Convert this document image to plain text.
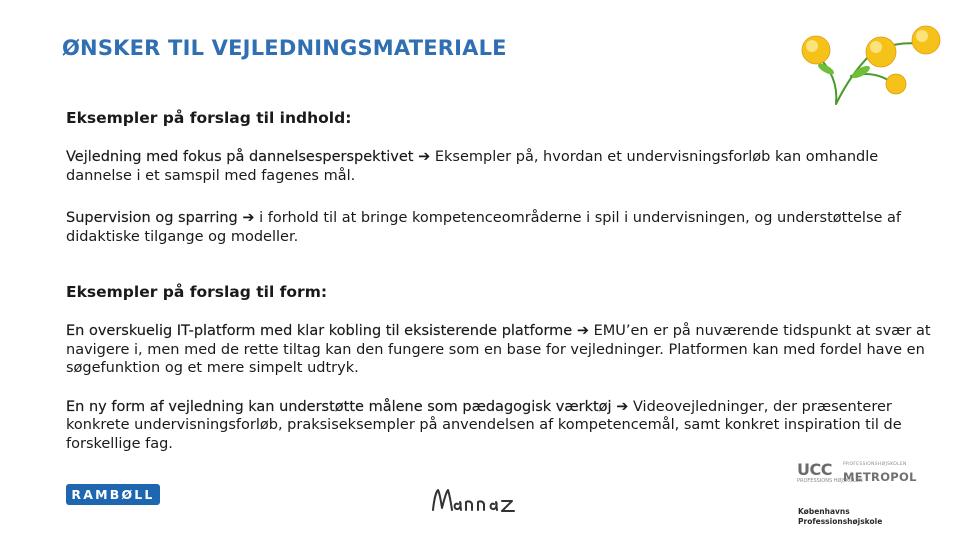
ØNSKER TIL VEJLEDNINGSMATERIALE

Eksempler på forslag til indhold:

Vejledning med fokus på dannelsesperspektivet ➔ Eksempler på, hvordan et undervisningsforløb kan omhandle dannelse i et samspil med fagenes mål.

Supervision og sparring ➔ i forhold til at bringe kompetenceområderne i spil i undervisningen, og understøttelse af didaktiske tilgange og modeller.

Eksempler på forslag til form:

En overskuelig IT-platform med klar kobling til eksisterende platforme ➔ EMU’en er på nuværende tidspunkt at svær at navigere i, men med de rette tiltag kan den fungere som en base for vejledninger. Platformen kan med fordel have en søgefunktion og et mere simpelt udtryk.

En ny form af vejledning kan understøtte målene som pædagogisk værktøj ➔ Videovejledninger, der præsenterer konkrete undervisningsforløb, praksiseksempler på anvendelsen af kompetencemål, samt konkret inspiration til de forskellige fag.

RAMBØLL
UCC
PROFESSIONS HØJSKOLEN
PROFESSIONSHØJSKOLEN
METROPOL
Københavns
Professionshøjskole
